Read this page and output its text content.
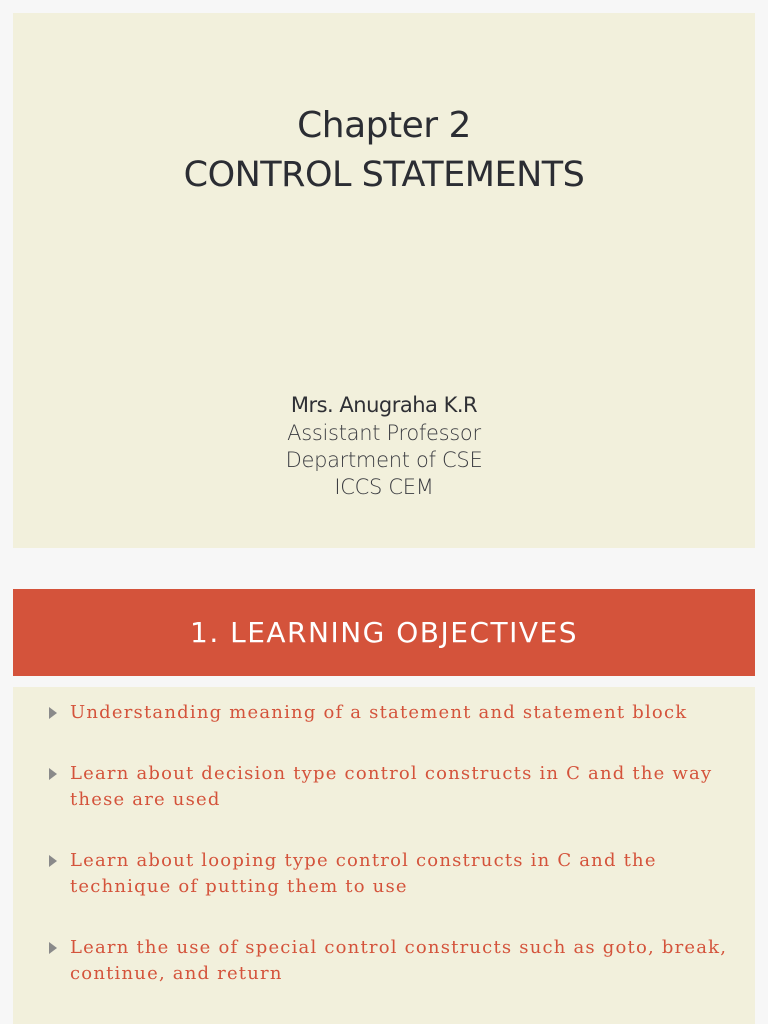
Chapter 2
CONTROL STATEMENTS
Mrs. Anugraha K.R
Assistant Professor
Department of CSE
ICCS CEM
1. LEARNING OBJECTIVES
Understanding meaning of a statement and statement block
Learn about decision type control constructs in C and the way these are used
Learn about looping type control constructs in C and the technique of putting them to use
Learn the use of special control constructs such as goto, break, continue, and return
